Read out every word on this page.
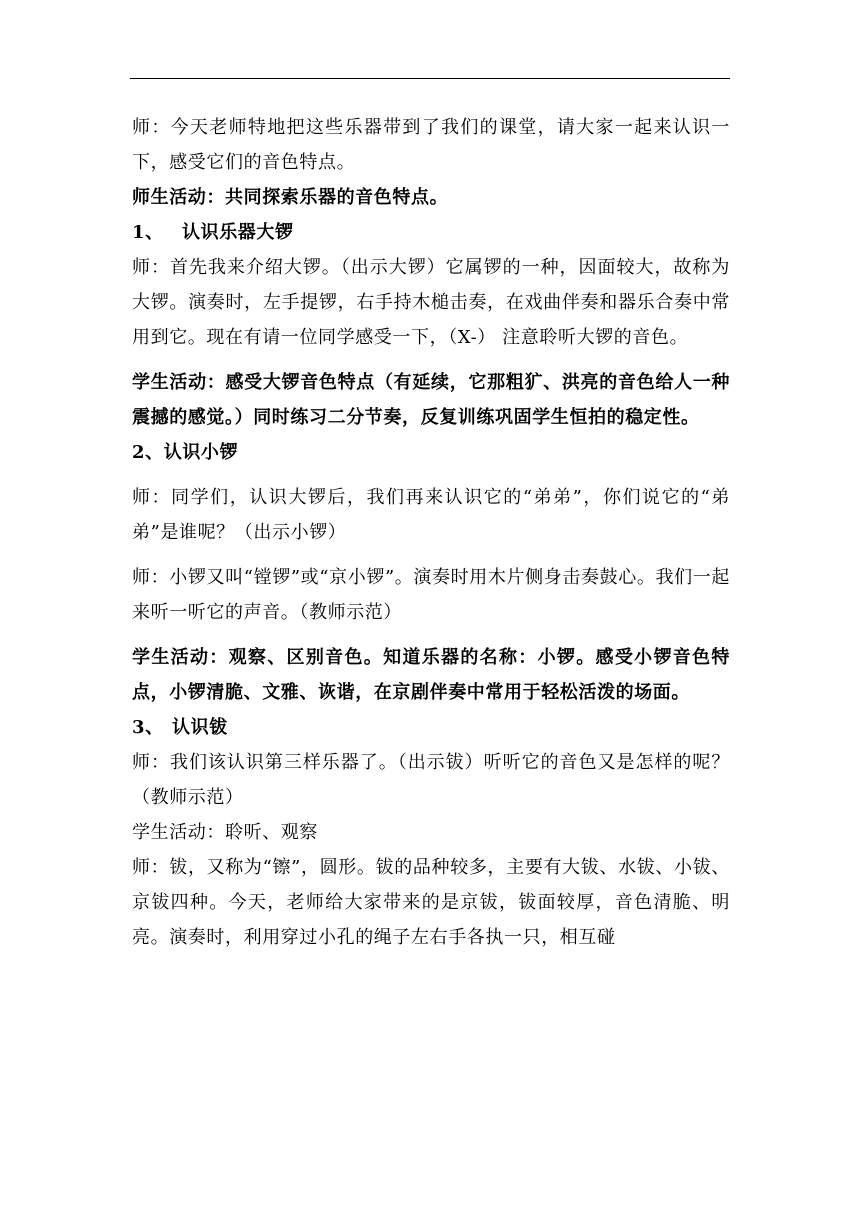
师：今天老师特地把这些乐器带到了我们的课堂，请大家一起来认识一下，感受它们的音色特点。

师生活动：共同探索乐器的音色特点。

1、 认识乐器大锣

师：首先我来介绍大锣。（出示大锣）它属锣的一种，因面较大，故称为大锣。演奏时，左手提锣，右手持木槌击奏，在戏曲伴奏和器乐合奏中常用到它。现在有请一位同学感受一下，（X-） 注意聆听大锣的音色。

学生活动：感受大锣音色特点（有延续，它那粗犷、洪亮的音色给人一种震撼的感觉。）同时练习二分节奏，反复训练巩固学生恒拍的稳定性。

2、认识小锣

师：同学们，认识大锣后，我们再来认识它的“弟弟”，你们说它的“弟弟”是谁呢？（出示小锣）

师：小锣又叫“镗锣”或“京小锣”。演奏时用木片侧身击奏鼓心。我们一起来听一听它的声音。（教师示范）

学生活动：观察、区别音色。知道乐器的名称：小锣。感受小锣音色特点，小锣清脆、文雅、诙谐，在京剧伴奏中常用于轻松活泼的场面。

3、 认识钹

师：我们该认识第三样乐器了。（出示钹）听听它的音色又是怎样的呢？（教师示范）

学生活动：聆听、观察

师：钹，又称为“镲”，圆形。钹的品种较多，主要有大钹、水钹、小钹、京钹四种。今天，老师给大家带来的是京钹，钹面较厚，音色清脆、明亮。演奏时，利用穿过小孔的绳子左右手各执一只，相互碰
